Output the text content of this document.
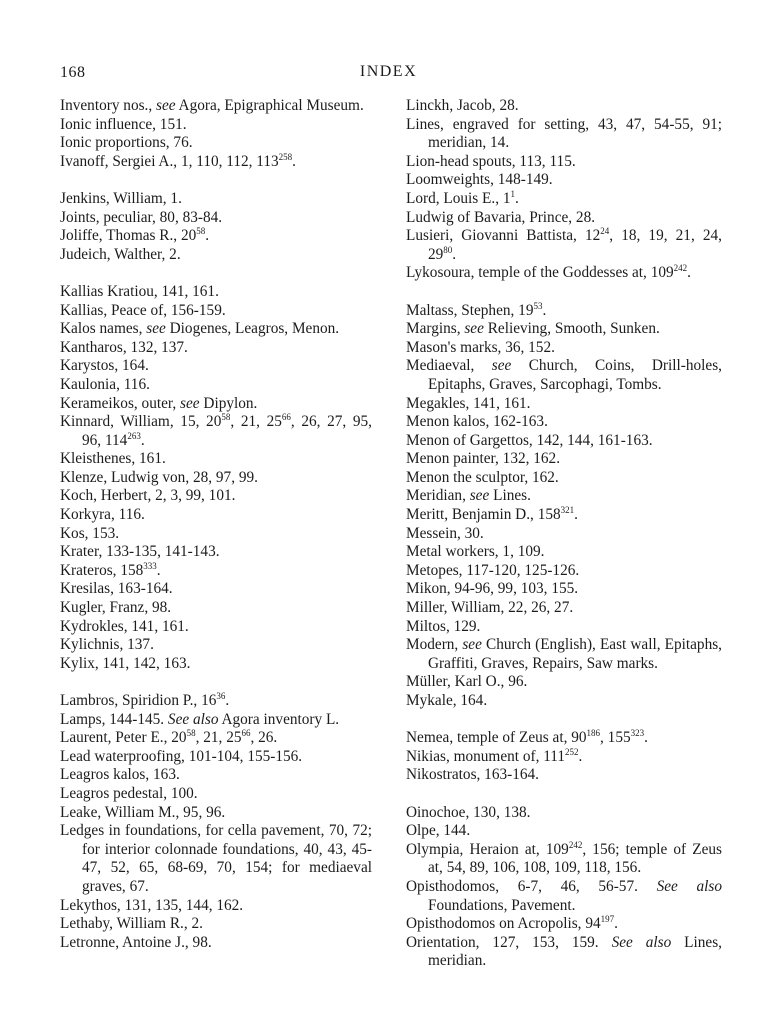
168	INDEX
Inventory nos., see Agora, Epigraphical Museum.
Ionic influence, 151.
Ionic proportions, 76.
Ivanoff, Sergiei A., 1, 110, 112, $113^{258}$.
Jenkins, William, 1.
Joints, peculiar, 80, 83-84.
Joliffe, Thomas R., $20^{58}$.
Judeich, Walther, 2.
Kallias Kratiou, 141, 161.
Kallias, Peace of, 156-159.
Kalos names, see Diogenes, Leagros, Menon.
Kantharos, 132, 137.
Karystos, 164.
Kaulonia, 116.
Kerameikos, outer, see Dipylon.
Kinnard, William, 15, $20^{58}$, 21, $25^{66}$, 26, 27, 95, 96, $114^{263}$.
Kleisthenes, 161.
Klenze, Ludwig von, 28, 97, 99.
Koch, Herbert, 2, 3, 99, 101.
Korkyra, 116.
Kos, 153.
Krater, 133-135, 141-143.
Krateros, $158^{333}$.
Kresilas, 163-164.
Kugler, Franz, 98.
Kydrokles, 141, 161.
Kylichnis, 137.
Kylix, 141, 142, 163.
Lambros, Spiridion P., $16^{36}$.
Lamps, 144-145. See also Agora inventory L.
Laurent, Peter E., $20^{58}$, 21, $25^{66}$, 26.
Lead waterproofing, 101-104, 155-156.
Leagros kalos, 163.
Leagros pedestal, 100.
Leake, William M., 95, 96.
Ledges in foundations, for cella pavement, 70, 72; for interior colonnade foundations, 40, 43, 45-47, 52, 65, 68-69, 70, 154; for mediaeval graves, 67.
Lekythos, 131, 135, 144, 162.
Lethaby, William R., 2.
Letronne, Antoine J., 98.
Linckh, Jacob, 28.
Lines, engraved for setting, 43, 47, 54-55, 91; meridian, 14.
Lion-head spouts, 113, 115.
Loomweights, 148-149.
Lord, Louis E., $1^1$.
Ludwig of Bavaria, Prince, 28.
Lusieri, Giovanni Battista, $12^{24}$, 18, 19, 21, 24, $29^{80}$.
Lykosoura, temple of the Goddesses at, $109^{242}$.
Maltass, Stephen, $19^{53}$.
Margins, see Relieving, Smooth, Sunken.
Mason's marks, 36, 152.
Mediaeval, see Church, Coins, Drill-holes, Epitaphs, Graves, Sarcophagi, Tombs.
Megakles, 141, 161.
Menon kalos, 162-163.
Menon of Gargettos, 142, 144, 161-163.
Menon painter, 132, 162.
Menon the sculptor, 162.
Meridian, see Lines.
Meritt, Benjamin D., $158^{321}$.
Messein, 30.
Metal workers, 1, 109.
Metopes, 117-120, 125-126.
Mikon, 94-96, 99, 103, 155.
Miller, William, 22, 26, 27.
Miltos, 129.
Modern, see Church (English), East wall, Epitaphs, Graffiti, Graves, Repairs, Saw marks.
Müller, Karl O., 96.
Mykale, 164.
Nemea, temple of Zeus at, $90^{186}$, $155^{323}$.
Nikias, monument of, $111^{252}$.
Nikostratos, 163-164.
Oinochoe, 130, 138.
Olpe, 144.
Olympia, Heraion at, $109^{242}$, 156; temple of Zeus at, 54, 89, 106, 108, 109, 118, 156.
Opisthodomos, 6-7, 46, 56-57. See also Foundations, Pavement.
Opisthodomos on Acropolis, $94^{197}$.
Orientation, 127, 153, 159. See also Lines, meridian.
